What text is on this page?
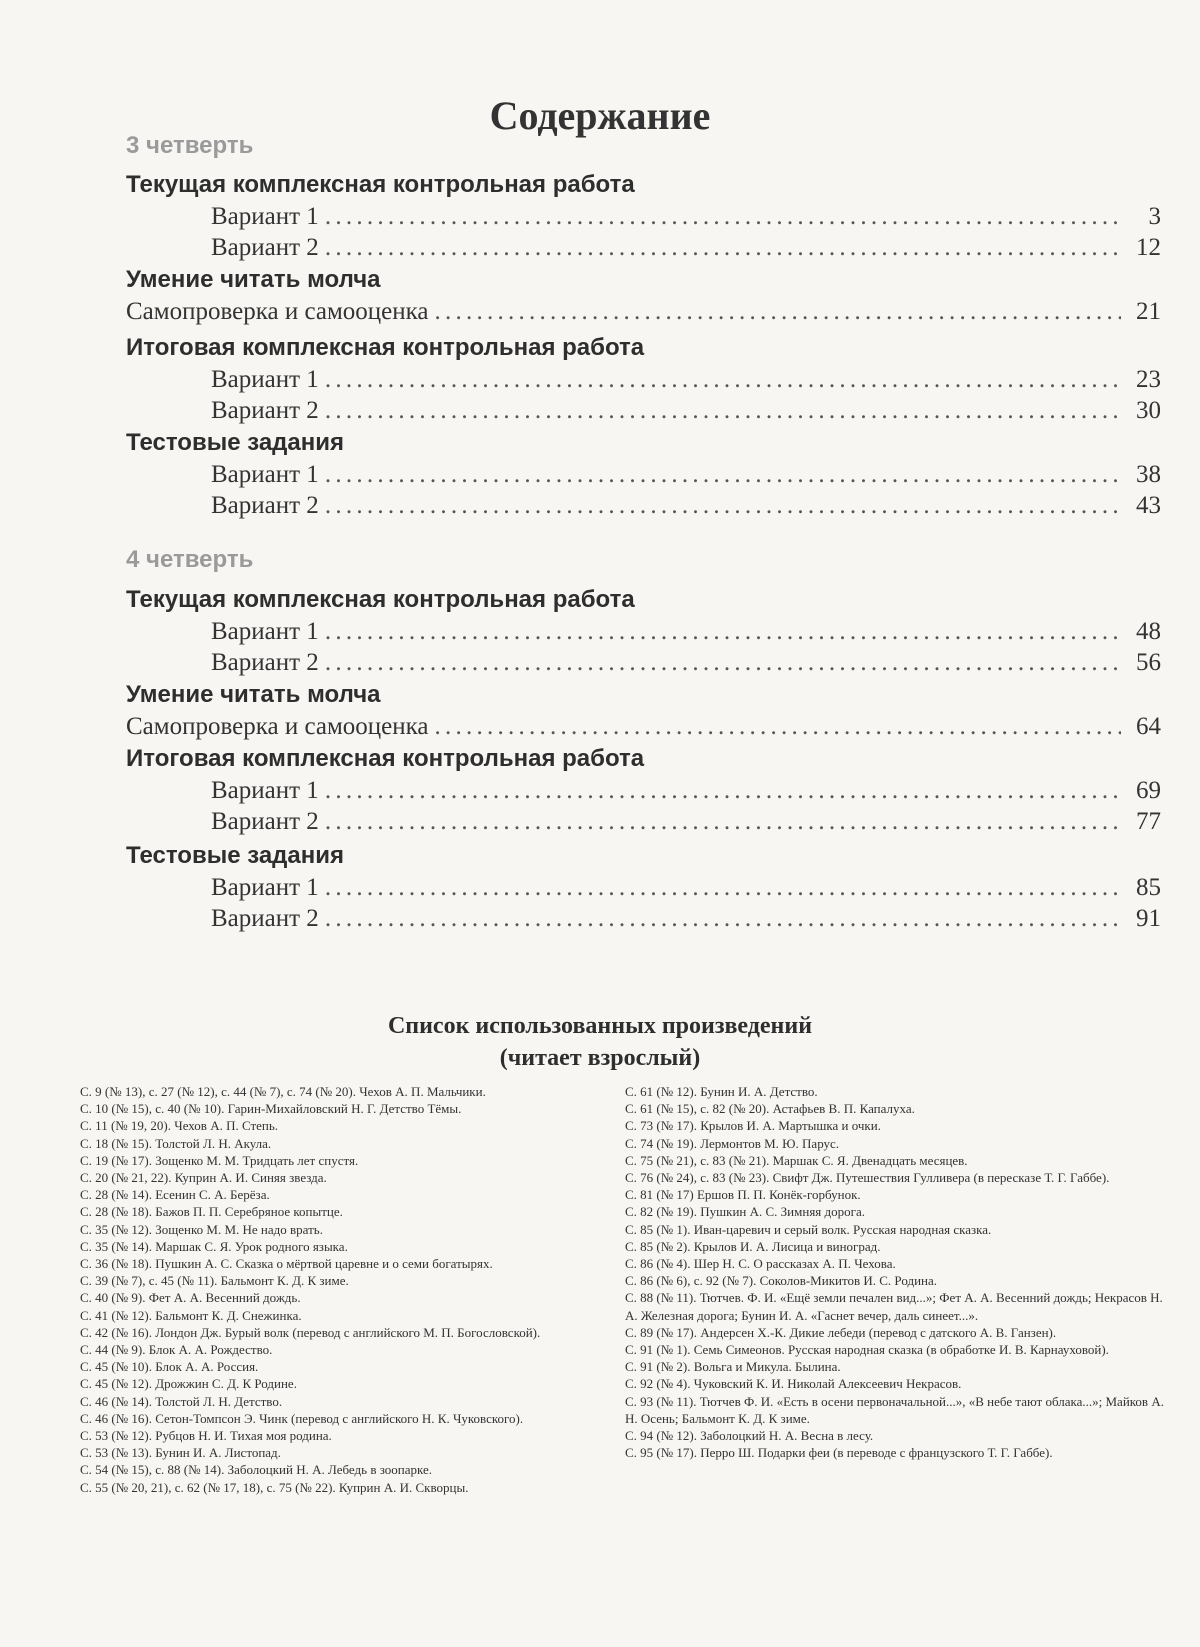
Содержание
3 четверть
Текущая комплексная контрольная работа
Вариант 1 . . .	3
Вариант 2 . . .	12
Умение читать молча
Самопроверка и самооценка . . .	21
Итоговая комплексная контрольная работа
Вариант 1 . . .	23
Вариант 2 . . .	30
Тестовые задания
Вариант 1 . . .	38
Вариант 2 . . .	43
4 четверть
Текущая комплексная контрольная работа
Вариант 1 . . .	48
Вариант 2 . . .	56
Умение читать молча
Самопроверка и самооценка . . .	64
Итоговая комплексная контрольная работа
Вариант 1 . . .	69
Вариант 2 . . .	77
Тестовые задания
Вариант 1 . . .	85
Вариант 2 . . .	91
Список использованных произведений
(читает взрослый)
С. 9 (№ 13), с. 27 (№ 12), с. 44 (№ 7), с. 74 (№ 20). Чехов А. П. Мальчики.
С. 10 (№ 15), с. 40 (№ 10). Гарин-Михайловский Н. Г. Детство Тёмы.
С. 11 (№ 19, 20). Чехов А. П. Степь.
С. 18 (№ 15). Толстой Л. Н. Акула.
С. 19 (№ 17). Зощенко М. М. Тридцать лет спустя.
С. 20 (№ 21, 22). Куприн А. И. Синяя звезда.
С. 28 (№ 14). Есенин С. А. Берёза.
С. 28 (№ 18). Бажов П. П. Серебряное копытце.
С. 35 (№ 12). Зощенко М. М. Не надо врать.
С. 35 (№ 14). Маршак С. Я. Урок родного языка.
С. 36 (№ 18). Пушкин А. С. Сказка о мёртвой царевне и о семи богатырях.
С. 39 (№ 7), с. 45 (№ 11). Бальмонт К. Д. К зиме.
С. 40 (№ 9). Фет А. А. Весенний дождь.
С. 41 (№ 12). Бальмонт К. Д. Снежинка.
С. 42 (№ 16). Лондон Дж. Бурый волк (перевод с английского М. П. Богословской).
С. 44 (№ 9). Блок А. А. Рождество.
С. 45 (№ 10). Блок А. А. Россия.
С. 45 (№ 12). Дрожжин С. Д. К Родине.
С. 46 (№ 14). Толстой Л. Н. Детство.
С. 46 (№ 16). Сетон-Томпсон Э. Чинк (перевод с английского Н. К. Чуковского).
С. 53 (№ 12). Рубцов Н. И. Тихая моя родина.
С. 53 (№ 13). Бунин И. А. Листопад.
С. 54 (№ 15), с. 88 (№ 14). Заболоцкий Н. А. Лебедь в зоопарке.
С. 55 (№ 20, 21), с. 62 (№ 17, 18), с. 75 (№ 22). Куприн А. И. Скворцы.
С. 61 (№ 12). Бунин И. А. Детство.
С. 61 (№ 15), с. 82 (№ 20). Астафьев В. П. Капалуха.
С. 73 (№ 17). Крылов И. А. Мартышка и очки.
С. 74 (№ 19). Лермонтов М. Ю. Парус.
С. 75 (№ 21), с. 83 (№ 21). Маршак С. Я. Двенадцать месяцев.
С. 76 (№ 24), с. 83 (№ 23). Свифт Дж. Путешествия Гулливера (в пересказе Т. Г. Габбе).
С. 81 (№ 17) Ершов П. П. Конёк-горбунок.
С. 82 (№ 19). Пушкин А. С. Зимняя дорога.
С. 85 (№ 1). Иван-царевич и серый волк. Русская народная сказка.
С. 85 (№ 2). Крылов И. А. Лисица и виноград.
С. 86 (№ 4). Шер Н. С. О рассказах А. П. Чехова.
С. 86 (№ 6), с. 92 (№ 7). Соколов-Микитов И. С. Родина.
С. 88 (№ 11). Тютчев. Ф. И. «Ещё земли печален вид...»; Фет А. А. Весенний дождь; Некрасов Н. А. Железная дорога; Бунин И. А. «Гаснет вечер, даль синеет...».
С. 89 (№ 17). Андерсен Х.-К. Дикие лебеди (перевод с датского А. В. Ганзен).
С. 91 (№ 1). Семь Симеонов. Русская народная сказка (в обработке И. В. Карнауховой).
С. 91 (№ 2). Вольга и Микула. Былина.
С. 92 (№ 4). Чуковский К. И. Николай Алексеевич Некрасов.
С. 93 (№ 11). Тютчев Ф. И. «Есть в осени первоначальной...», «В небе тают облака...»; Майков А. Н. Осень; Бальмонт К. Д. К зиме.
С. 94 (№ 12). Заболоцкий Н. А. Весна в лесу.
С. 95 (№ 17). Перро Ш. Подарки феи (в переводе с французского Т. Г. Габбе).
